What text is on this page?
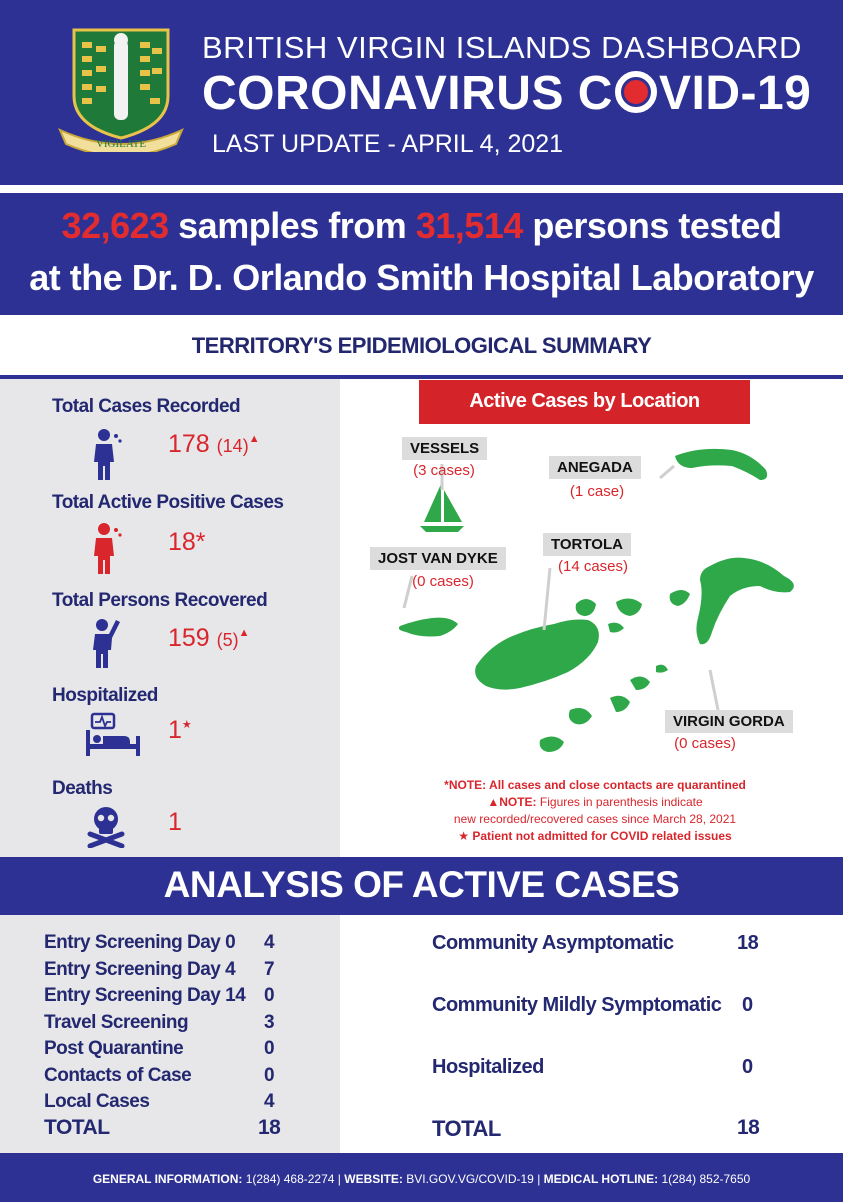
VIGILATE
BRITISH VIRGIN ISLANDS DASHBOARD
CORONAVIRUS C VID-19
LAST UPDATE - APRIL 4, 2021
32,623 samples from 31,514 persons tested
at the Dr. D. Orlando Smith Hospital Laboratory
TERRITORY'S EPIDEMIOLOGICAL SUMMARY
Total Cases Recorded
178 (14)▲
Total Active Positive Cases
18*
Total Persons Recovered
159 (5)▲
Hospitalized
1★
Deaths
1
Active Cases by Location
VESSELS
(3 cases)	ANEGADA
(1 case)
JOST VAN DYKE
(0 cases)
TORTOLA
(14 cases)
VIRGIN GORDA
(0 cases)
*NOTE: All cases and close contacts are quarantined
▲NOTE: Figures in parenthesis indicate
new recorded/recovered cases since March 28, 2021
★ Patient not admitted for COVID related issues
ANALYSIS OF ACTIVE CASES
Entry Screening Day 0 4
Entry Screening Day 4 7
Entry Screening Day 14 0
Travel Screening	3
Post Quarantine	0
Contacts of Case	0
Local Cases	4
TOTAL	18
Community Asymptomatic	18
Community Mildly Symptomatic 0
Hospitalized	0
TOTAL	18
GENERAL INFORMATION: 1(284) 468-2274 | WEBSITE: BVI.GOV.VG/COVID-19 | MEDICAL HOTLINE: 1(284) 852-7650
